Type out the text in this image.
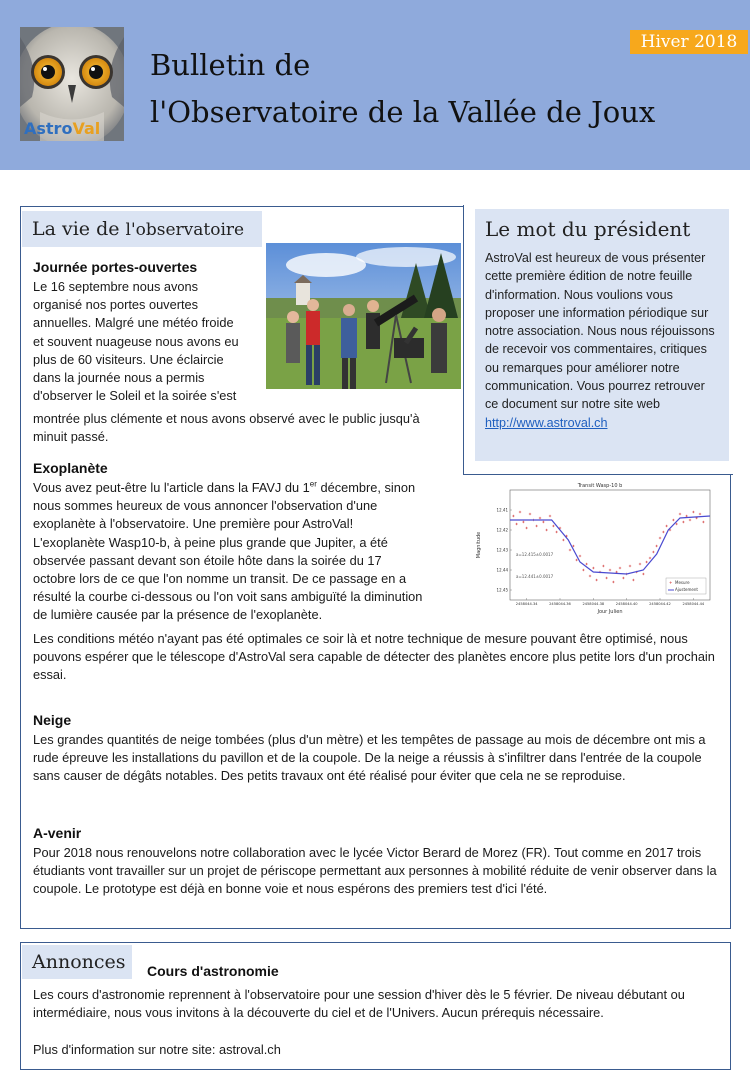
AstroVal
Hiver 2018
Bulletin de
l'Observatoire de la Vallée de Joux
Le mot du président
AstroVal est heureux de vous présenter cette première édition de notre feuille d'information. Nous voulions vous proposer une information périodique sur notre association. Nous nous réjouissons de recevoir vos commentaires, critiques ou remarques pour améliorer notre communication. Vous pourrez retrouver ce document sur notre site web http://www.astroval.ch
La vie de l'observatoire
Journée portes-ouvertes
Le 16 septembre nous avons
organisé nos portes ouvertes
annuelles. Malgré une météo froide
et souvent nuageuse nous avons eu
plus de 60 visiteurs. Une éclaircie
dans la journée nous a permis
d'observer le Soleil et la soirée s'est
montrée plus clémente et nous avons observé avec le public jusqu'à minuit passé.
Exoplanète
Vous avez peut-être lu l'article dans la FAVJ du 1er décembre, sinon
nous sommes heureux de vous annoncer l'observation d'une
exoplanète à l'observatoire. Une première pour AstroVal!
L'exoplanète Wasp10-b, à peine plus grande que Jupiter, a été
observée passant devant son étoile hôte dans la soirée du 17
octobre lors de ce que l'on nomme un transit. De ce passage en a
résulté la courbe ci-dessous ou l'on voit sans ambiguïté la diminution
de lumière causée par la présence de l'exoplanète.
Les conditions météo n'ayant pas été optimales ce soir là et notre technique de mesure pouvant être optimisé, nous pouvons espérer que le télescope d'AstroVal sera capable de détecter des planètes encore plus petite lors d'un prochain essai.
Transit Wasp-10 b
Magnitude
Jour Julien
12.41
12.42
12.43
12.44
12.45
2458044.34	2458044.36	2458044.38	2458044.40	2458044.42	2458044.44
a=12.415±0.0017
a=12.441±0.0017
+ Mesure
Ajustement
Neige
Les grandes quantités de neige tombées (plus d'un mètre) et les tempêtes de passage au mois de décembre ont mis a rude épreuve les installations du pavillon et de la coupole. De la neige a réussis à s'infiltrer dans l'entrée de la coupole sans causer de dégâts notables. Des petits travaux ont été réalisé pour éviter que cela ne se reproduise.
A-venir
Pour 2018 nous renouvelons notre collaboration avec le lycée Victor Berard de Morez (FR). Tout comme en 2017 trois étudiants vont travailler sur un projet de périscope permettant aux personnes à mobilité réduite de venir observer dans la coupole. Le prototype est déjà en bonne voie et nous espérons des premiers test d'ici l'été.
Annonces	Cours d'astronomie
Les cours d'astronomie reprennent à l'observatoire pour une session d'hiver dès le 5 février. De niveau débutant ou intermédiaire, nous vous invitons à la découverte du ciel et de l'Univers. Aucun prérequis nécessaire.
Plus d'information sur notre site: astroval.ch
